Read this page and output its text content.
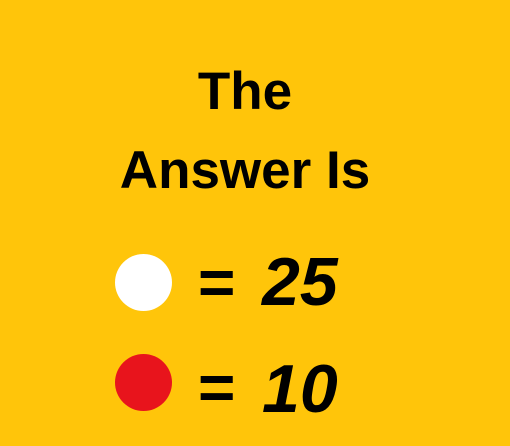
The
Answer Is
= 25
= 10
